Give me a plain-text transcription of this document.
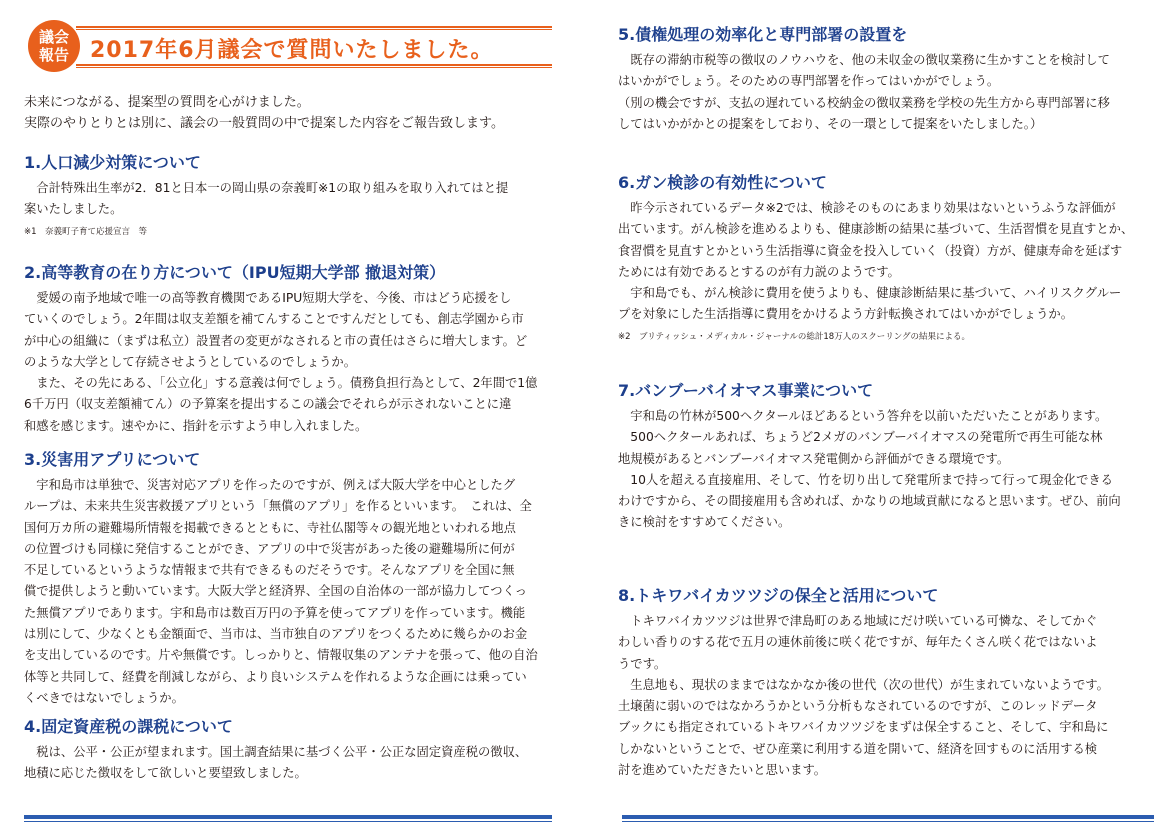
議会
報告 2017年6月議会で質問いたしました。
未来につながる、提案型の質問を心がけました。
実際のやりとりとは別に、議会の一般質問の中で提案した内容をご報告致します。
1.人口減少対策について

　合計特殊出生率が2．81と日本一の岡山県の奈義町※1の取り組みを取り入れてはと提

案いたしました。

※1　奈義町子育て応援宣言　等

2.高等教育の在り方について（IPU短期大学部 撤退対策）

　愛媛の南予地域で唯一の高等教育機関であるIPU短期大学を、今後、市はどう応援をし

ていくのでしょう。2年間は収支差額を補てんすることですんだとしても、創志学園から市

が中心の組織に（まずは私立）設置者の変更がなされると市の責任はさらに増大します。ど

のような大学として存続させようとしているのでしょうか。

　また、その先にある、「公立化」する意義は何でしょう。債務負担行為として、2年間で1億

6千万円（収支差額補てん）の予算案を提出するこの議会でそれらが示されないことに違

和感を感じます。速やかに、指針を示すよう申し入れました。

3.災害用アプリについて

　宇和島市は単独で、災害対応アプリを作ったのですが、例えば大阪大学を中心としたグ

ループは、未来共生災害救援アプリという「無償のアプリ」を作るといいます。　これは、全

国何万カ所の避難場所情報を掲載できるとともに、寺社仏閣等々の観光地といわれる地点

の位置づけも同様に発信することができ、アプリの中で災害があった後の避難場所に何が

不足しているというような情報まで共有できるものだそうです。そんなアプリを全国に無

償で提供しようと動いています。大阪大学と経済界、全国の自治体の一部が協力してつくっ

た無償アプリであります。宇和島市は数百万円の予算を使ってアプリを作っています。機能

は別にして、少なくとも金額面で、当市は、当市独自のアプリをつくるために幾らかのお金

を支出しているのです。片や無償です。しっかりと、情報収集のアンテナを張って、他の自治

体等と共同して、経費を削減しながら、より良いシステムを作れるような企画には乗ってい

くべきではないでしょうか。

4.固定資産税の課税について

　税は、公平・公正が望まれます。国土調査結果に基づく公平・公正な固定資産税の徴収、

地積に応じた徴収をして欲しいと要望致しました。

5.債権処理の効率化と専門部署の設置を

　既存の滞納市税等の徴収のノウハウを、他の未収金の徴収業務に生かすことを検討して

はいかがでしょう。そのための専門部署を作ってはいかがでしょう。

（別の機会ですが、支払の遅れている校納金の徴収業務を学校の先生方から専門部署に移

してはいかがかとの提案をしており、その一環として提案をいたしました。）

6.ガン検診の有効性について

　昨今示されているデータ※2では、検診そのものにあまり効果はないというふうな評価が

出ています。がん検診を進めるよりも、健康診断の結果に基づいて、生活習慣を見直すとか、

食習慣を見直すとかという生活指導に資金を投入していく（投資）方が、健康寿命を延ばす

ためには有効であるとするのが有力説のようです。

　宇和島でも、がん検診に費用を使うよりも、健康診断結果に基づいて、ハイリスクグルー

プを対象にした生活指導に費用をかけるよう方針転換されてはいかがでしょうか。

※2　ブリティッシュ・メディカル・ジャーナルの総計18万人のスクーリングの結果による。

7.バンブーバイオマス事業について

　宇和島の竹林が500ヘクタールほどあるという答弁を以前いただいたことがあります。

　500ヘクタールあれば、ちょうど2メガのバンブーバイオマスの発電所で再生可能な林

地規模があるとバンブーバイオマス発電側から評価ができる環境です。

　10人を超える直接雇用、そして、竹を切り出して発電所まで持って行って現金化できる

わけですから、その間接雇用も含めれば、かなりの地域貢献になると思います。ぜひ、前向

きに検討をすすめてください。

8.トキワバイカツツジの保全と活用について

　トキワバイカツツジは世界で津島町のある地域にだけ咲いている可憐な、そしてかぐ

わしい香りのする花で五月の連休前後に咲く花ですが、毎年たくさん咲く花ではないよ

うです。

　生息地も、現状のままではなかなか後の世代（次の世代）が生まれていないようです。

土壌菌に弱いのではなかろうかという分析もなされているのですが、このレッドデータ

ブックにも指定されているトキワバイカツツジをまずは保全すること、そして、宇和島に

しかないということで、ぜひ産業に利用する道を開いて、経済を回すものに活用する検

討を進めていただきたいと思います。
